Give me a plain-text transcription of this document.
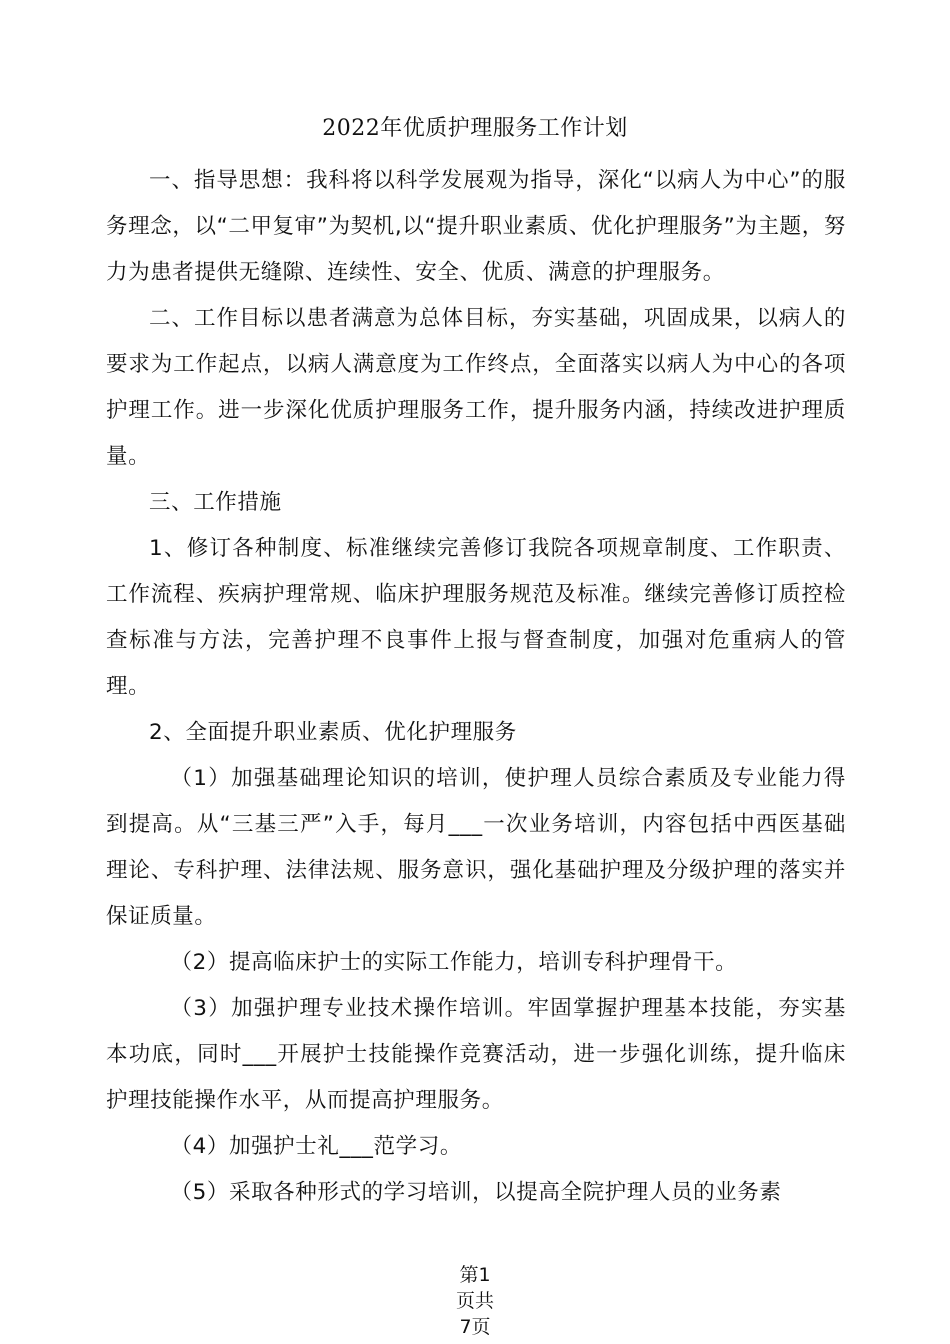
2022年优质护理服务工作计划

一、指导思想：我科将以科学发展观为指导，深化“以病人为中心”的服务理念，以“二甲复审”为契机,以“提升职业素质、优化护理服务”为主题，努力为患者提供无缝隙、连续性、安全、优质、满意的护理服务。

二、工作目标以患者满意为总体目标，夯实基础，巩固成果，以病人的要求为工作起点，以病人满意度为工作终点，全面落实以病人为中心的各项护理工作。进一步深化优质护理服务工作，提升服务内涵，持续改进护理质量。

三、工作措施

1、修订各种制度、标准继续完善修订我院各项规章制度、工作职责、工作流程、疾病护理常规、临床护理服务规范及标准。继续完善修订质控检查标准与方法，完善护理不良事件上报与督查制度，加强对危重病人的管理。

2、全面提升职业素质、优化护理服务

（1）加强基础理论知识的培训，使护理人员综合素质及专业能力得到提高。从“三基三严”入手，每月___一次业务培训，内容包括中西医基础理论、专科护理、法律法规、服务意识，强化基础护理及分级护理的落实并保证质量。

（2）提高临床护士的实际工作能力，培训专科护理骨干。

（3）加强护理专业技术操作培训。牢固掌握护理基本技能，夯实基本功底，同时___开展护士技能操作竞赛活动，进一步强化训练，提升临床护理技能操作水平，从而提高护理服务。

（4）加强护士礼___范学习。

（5）采取各种形式的学习培训，以提高全院护理人员的业务素

第1
页共
7页
